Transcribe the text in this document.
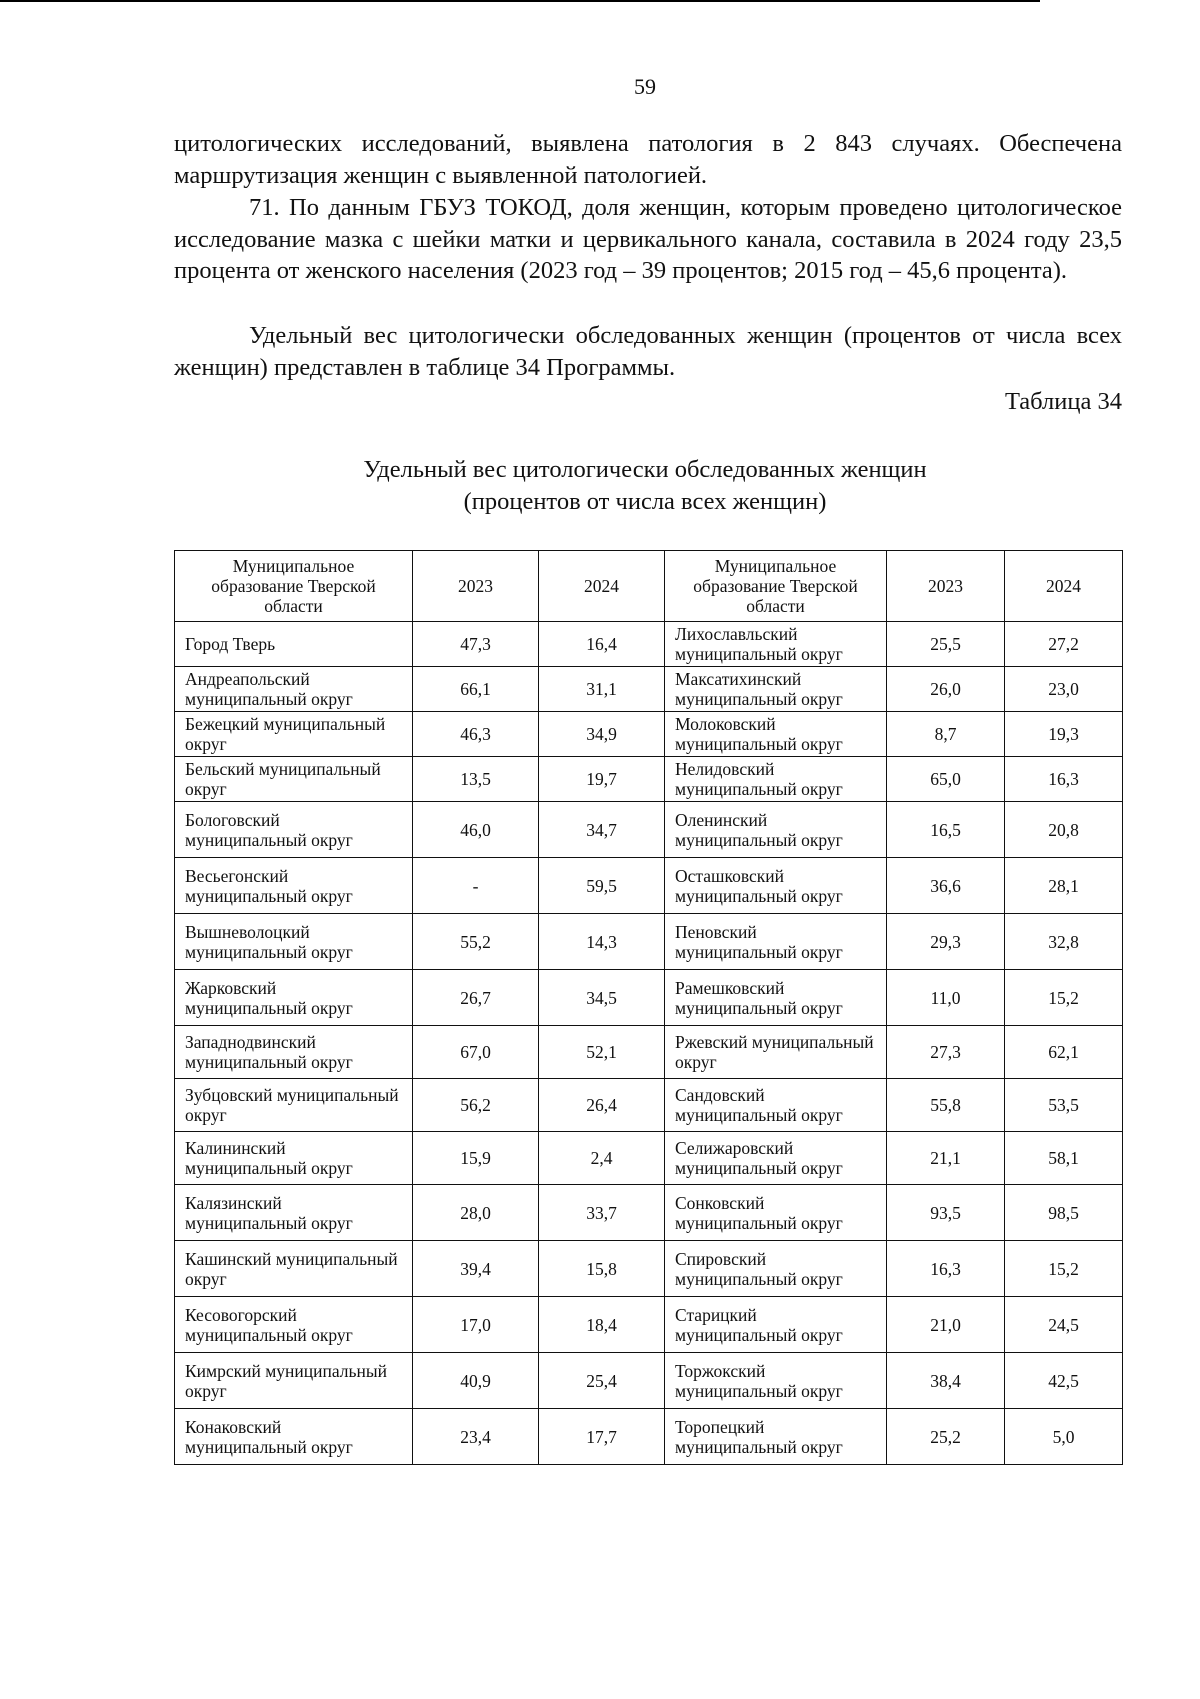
59

цитологических исследований, выявлена патология в 2 843 случаях. Обеспечена маршрутизация женщин с выявленной патологией.

71. По данным ГБУЗ ТОКОД, доля женщин, которым проведено цитологическое исследование мазка с шейки матки и цервикального канала, составила в 2024 году 23,5 процента от женского населения (2023 год – 39 процентов; 2015 год – 45,6 процента).

Удельный вес цитологически обследованных женщин (процентов от числа всех женщин) представлен в таблице 34 Программы.

Таблица 34
Удельный вес цитологически обследованных женщин
(процентов от числа всех женщин)
Муниципальное образование Тверской области	2023	2024	Муниципальное образование Тверской области	2023	2024
Город Тверь	47,3	16,4	Лихославльский муниципальный округ	25,5	27,2
Андреапольский муниципальный округ	66,1	31,1	Максатихинский муниципальный округ	26,0	23,0
Бежецкий муниципальный округ	46,3	34,9	Молоковский муниципальный округ	8,7	19,3
Бельский муниципальный округ	13,5	19,7	Нелидовский муниципальный округ	65,0	16,3
Бологовский муниципальный округ	46,0	34,7	Оленинский муниципальный округ	16,5	20,8
Весьегонский муниципальный округ	-	59,5	Осташковский муниципальный округ	36,6	28,1
Вышневолоцкий муниципальный округ	55,2	14,3	Пеновский муниципальный округ	29,3	32,8
Жарковский муниципальный округ	26,7	34,5	Рамешковский муниципальный округ	11,0	15,2
Западнодвинский муниципальный округ	67,0	52,1	Ржевский муниципальный округ	27,3	62,1
Зубцовский муниципальный округ	56,2	26,4	Сандовский муниципальный округ	55,8	53,5
Калининский муниципальный округ	15,9	2,4	Селижаровский муниципальный округ	21,1	58,1
Калязинский муниципальный округ	28,0	33,7	Сонковский муниципальный округ	93,5	98,5
Кашинский муниципальный округ	39,4	15,8	Спировский муниципальный округ	16,3	15,2
Кесовогорский муниципальный округ	17,0	18,4	Старицкий муниципальный округ	21,0	24,5
Кимрский муниципальный округ	40,9	25,4	Торжокский муниципальный округ	38,4	42,5
Конаковский муниципальный округ	23,4	17,7	Торопецкий муниципальный округ	25,2	5,0
